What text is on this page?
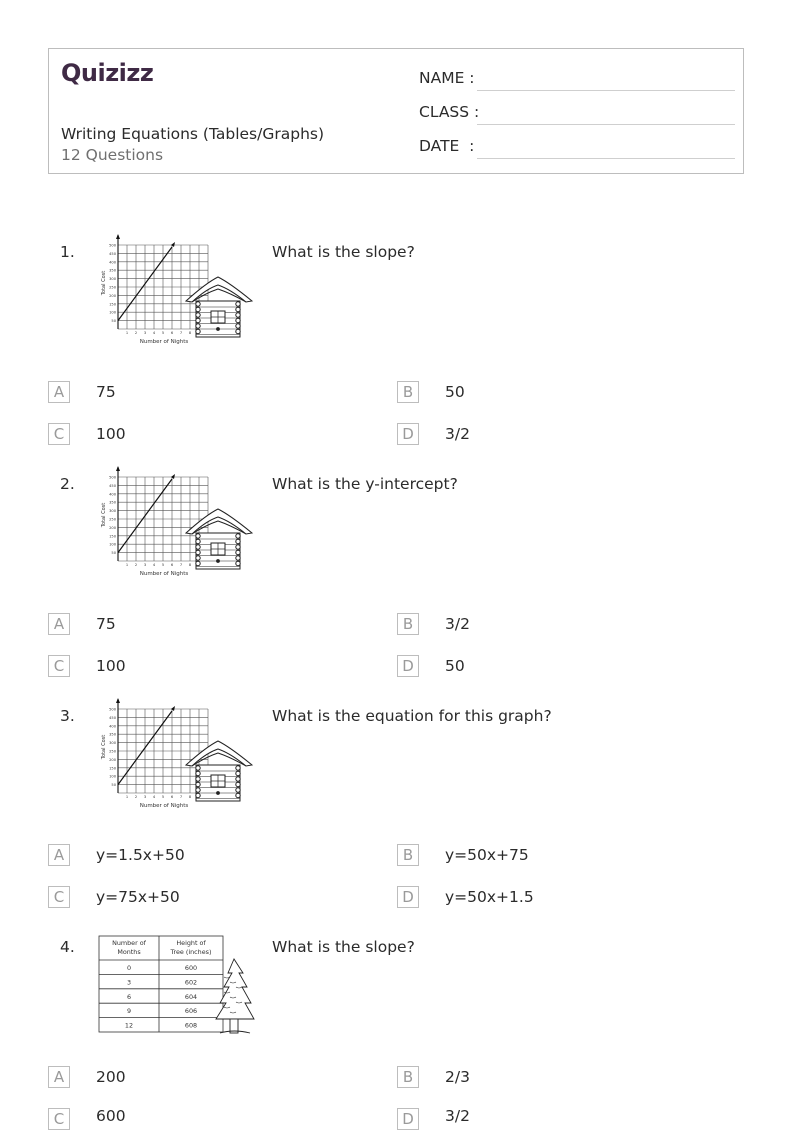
Quizizz
Writing Equations (Tables/Graphs)
12 Questions
NAME :
CLASS :
DATE  :
1.	500
450
400
350
300
250
200
150
100
50
1 2 3 4 5 6 7 8
Total Cost
Number of Nights
What is the slope?
A	75	B	50
C	100	D	3/2
2.	500
450
400
350
300
250
200
150
100
50
1 2 3 4 5 6 7 8
Total Cost
Number of Nights
What is the y-intercept?
A	75	B	3/2
C	100	D	50
3.	500
450
400
350
300
250
200
150
100
50
1 2 3 4 5 6 7 8
Total Cost
Number of Nights
What is the equation for this graph?
A	y=1.5x+50	B	y=50x+75
C	y=75x+50	D	y=50x+1.5
4.	Number of
Months
Height of
Tree (inches)
0	600
3	602
6	604
9	606
12	608
What is the slope?
A	200	B	2/3
C	600	D	3/2
